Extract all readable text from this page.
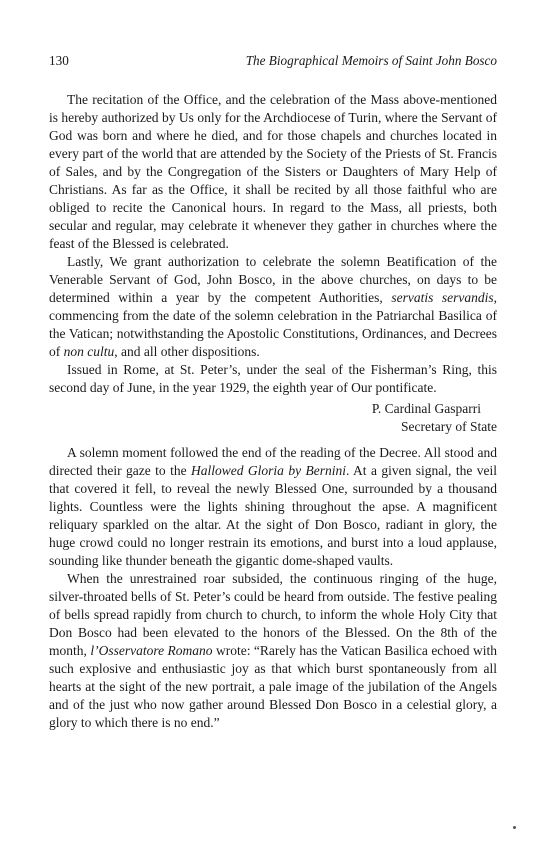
130	The Biographical Memoirs of Saint John Bosco

The recitation of the Office, and the celebration of the Mass above-mentioned is hereby authorized by Us only for the Archdiocese of Turin, where the Servant of God was born and where he died, and for those chapels and churches located in every part of the world that are attended by the Society of the Priests of St. Francis of Sales, and by the Congregation of the Sisters or Daughters of Mary Help of Christians. As far as the Office, it shall be recited by all those faithful who are obliged to recite the Canonical hours. In regard to the Mass, all priests, both secular and regular, may celebrate it whenever they gather in churches where the feast of the Blessed is celebrated.

Lastly, We grant authorization to celebrate the solemn Beatification of the Venerable Servant of God, John Bosco, in the above churches, on days to be determined within a year by the competent Authorities, servatis servandis, commencing from the date of the solemn celebration in the Patriarchal Basilica of the Vatican; notwithstanding the Apostolic Constitutions, Ordinances, and Decrees of non cultu, and all other dispositions.

Issued in Rome, at St. Peter’s, under the seal of the Fisherman’s Ring, this second day of June, in the year 1929, the eighth year of Our pontificate.

P. Cardinal Gasparri
Secretary of State

A solemn moment followed the end of the reading of the Decree. All stood and directed their gaze to the Hallowed Gloria by Bernini. At a given signal, the veil that covered it fell, to reveal the newly Blessed One, surrounded by a thousand lights. Countless were the lights shining throughout the apse. A magnificent reliquary sparkled on the altar. At the sight of Don Bosco, radiant in glory, the huge crowd could no longer restrain its emotions, and burst into a loud applause, sounding like thunder beneath the gigantic dome-shaped vaults.

When the unrestrained roar subsided, the continuous ringing of the huge, silver-throated bells of St. Peter’s could be heard from outside. The festive pealing of bells spread rapidly from church to church, to inform the whole Holy City that Don Bosco had been elevated to the honors of the Blessed. On the 8th of the month, l’Osservatore Romano wrote: “Rarely has the Vatican Basilica echoed with such explosive and enthusiastic joy as that which burst spontaneously from all hearts at the sight of the new portrait, a pale image of the jubilation of the Angels and of the just who now gather around Blessed Don Bosco in a celestial glory, a glory to which there is no end.”
